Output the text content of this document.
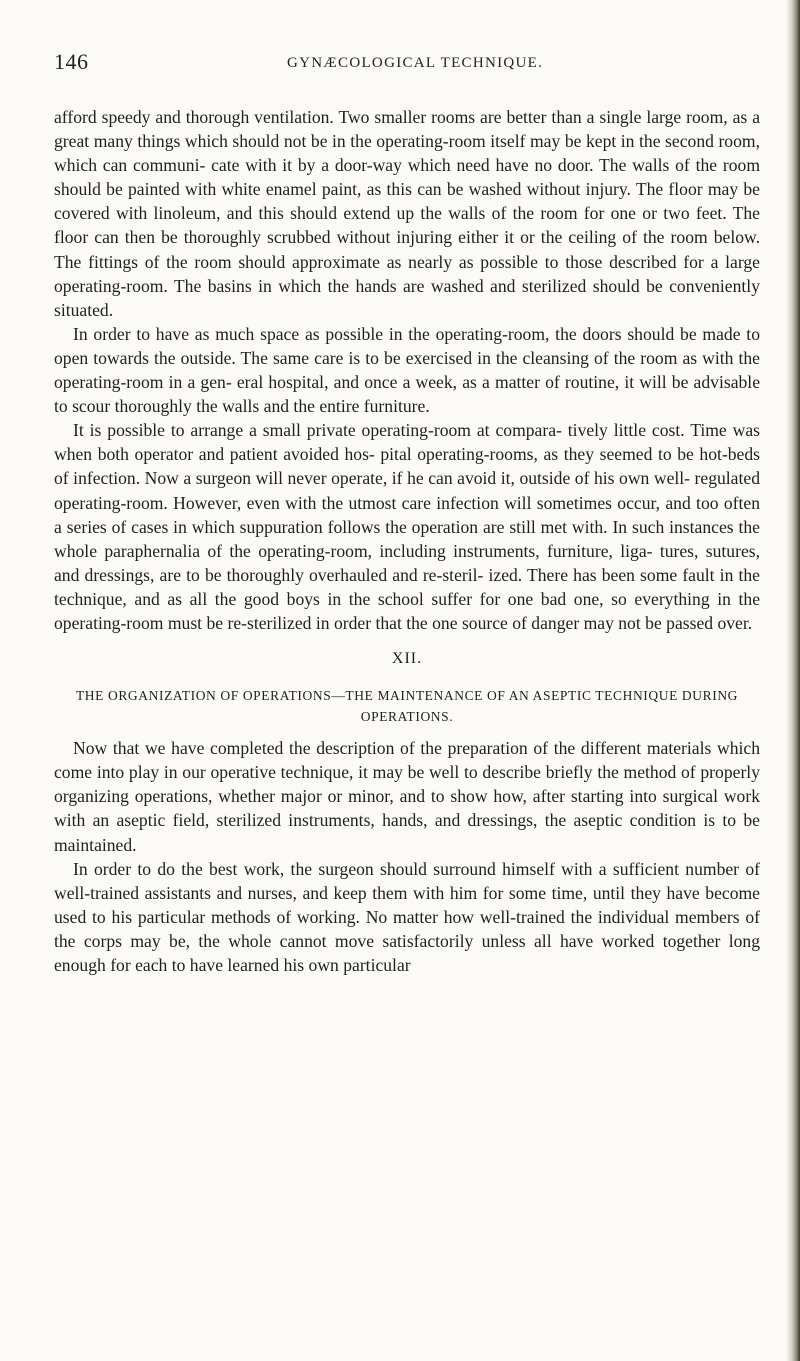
146	GYNÆCOLOGICAL TECHNIQUE.

afford speedy and thorough ventilation. Two smaller rooms are better than a single large room, as a great many things which should not be in the operating-room itself may be kept in the second room, which can communi- cate with it by a door-way which need have no door. The walls of the room should be painted with white enamel paint, as this can be washed without injury. The floor may be covered with linoleum, and this should extend up the walls of the room for one or two feet. The floor can then be thoroughly scrubbed without injuring either it or the ceiling of the room below. The fittings of the room should approximate as nearly as possible to those described for a large operating-room. The basins in which the hands are washed and sterilized should be conveniently situated.

In order to have as much space as possible in the operating-room, the doors should be made to open towards the outside. The same care is to be exercised in the cleansing of the room as with the operating-room in a gen- eral hospital, and once a week, as a matter of routine, it will be advisable to scour thoroughly the walls and the entire furniture.

It is possible to arrange a small private operating-room at compara- tively little cost. Time was when both operator and patient avoided hos- pital operating-rooms, as they seemed to be hot-beds of infection. Now a surgeon will never operate, if he can avoid it, outside of his own well- regulated operating-room. However, even with the utmost care infection will sometimes occur, and too often a series of cases in which suppuration follows the operation are still met with. In such instances the whole paraphernalia of the operating-room, including instruments, furniture, liga- tures, sutures, and dressings, are to be thoroughly overhauled and re-steril- ized. There has been some fault in the technique, and as all the good boys in the school suffer for one bad one, so everything in the operating-room must be re-sterilized in order that the one source of danger may not be passed over.

XII.
THE ORGANIZATION OF OPERATIONS—THE MAINTENANCE OF AN ASEPTIC TECHNIQUE DURING OPERATIONS.

Now that we have completed the description of the preparation of the different materials which come into play in our operative technique, it may be well to describe briefly the method of properly organizing operations, whether major or minor, and to show how, after starting into surgical work with an aseptic field, sterilized instruments, hands, and dressings, the aseptic condition is to be maintained.

In order to do the best work, the surgeon should surround himself with a sufficient number of well-trained assistants and nurses, and keep them with him for some time, until they have become used to his particular methods of working. No matter how well-trained the individual members of the corps may be, the whole cannot move satisfactorily unless all have worked together long enough for each to have learned his own particular
